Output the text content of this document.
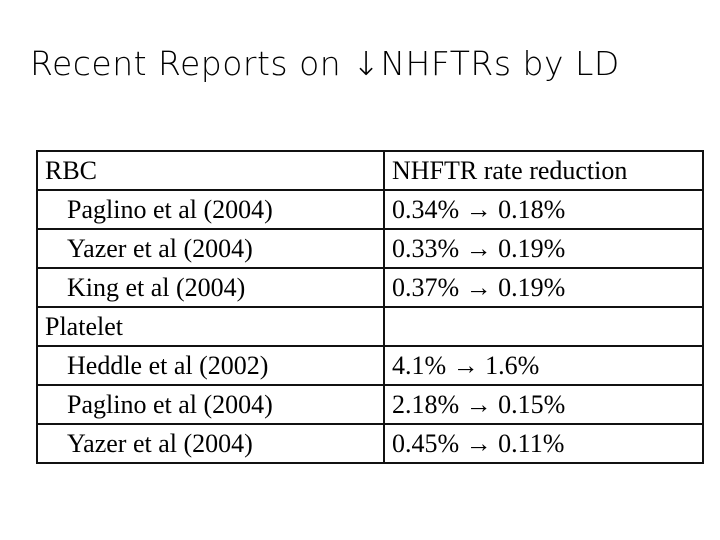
Recent Reports on ↓NHFTRs by LD
RBC	NHFTR rate reduction
Paglino et al (2004)	0.34% → 0.18%
Yazer et al (2004)	0.33% → 0.19%
King et al (2004)	0.37% → 0.19%
Platelet	
Heddle et al (2002)	4.1% → 1.6%
Paglino et al (2004)	2.18% → 0.15%
Yazer et al (2004)	0.45% → 0.11%
